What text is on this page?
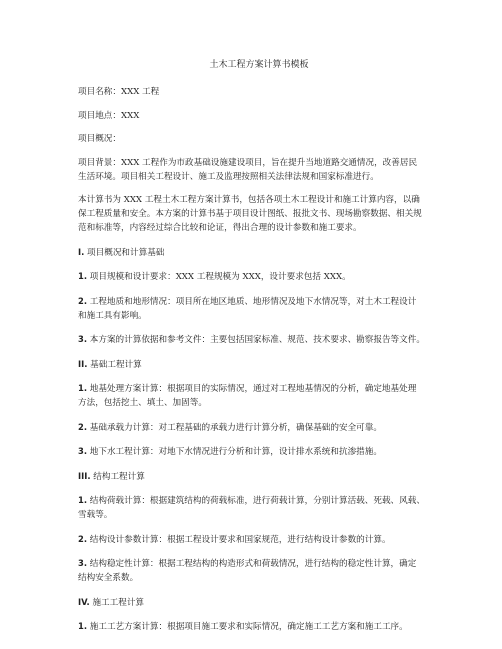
土木工程方案计算书模板
项目名称：XXX 工程
项目地点：XXX
项目概况：
项目背景：XXX 工程作为市政基础设施建设项目，旨在提升当地道路交通情况，改善居民
生活环境。项目相关工程设计、施工及监理按照相关法律法规和国家标准进行。
本计算书为 XXX 工程土木工程方案计算书，包括各项土木工程设计和施工计算内容，以确
保工程质量和安全。本方案的计算书基于项目设计图纸、报批文书、现场勘察数据、相关规
范和标准等，内容经过综合比较和论证，得出合理的设计参数和施工要求。
I. 项目概况和计算基础
1. 项目规模和设计要求：XXX 工程规模为 XXX，设计要求包括 XXX。
2. 工程地质和地形情况：项目所在地区地质、地形情况及地下水情况等，对土木工程设计
和施工具有影响。
3. 本方案的计算依据和参考文件：主要包括国家标准、规范、技术要求、勘察报告等文件。
II. 基础工程计算
1. 地基处理方案计算：根据项目的实际情况，通过对工程地基情况的分析，确定地基处理
方法，包括挖土、填土、加固等。
2. 基础承载力计算：对工程基础的承载力进行计算分析，确保基础的安全可靠。
3. 地下水工程计算：对地下水情况进行分析和计算，设计排水系统和抗渗措施。
III. 结构工程计算
1. 结构荷载计算：根据建筑结构的荷载标准，进行荷载计算，分别计算活载、死载、风载、
雪载等。
2. 结构设计参数计算：根据工程设计要求和国家规范，进行结构设计参数的计算。
3. 结构稳定性计算：根据工程结构的构造形式和荷载情况，进行结构的稳定性计算，确定
结构安全系数。
IV. 施工工程计算
1. 施工工艺方案计算：根据项目施工要求和实际情况，确定施工工艺方案和施工工序。
